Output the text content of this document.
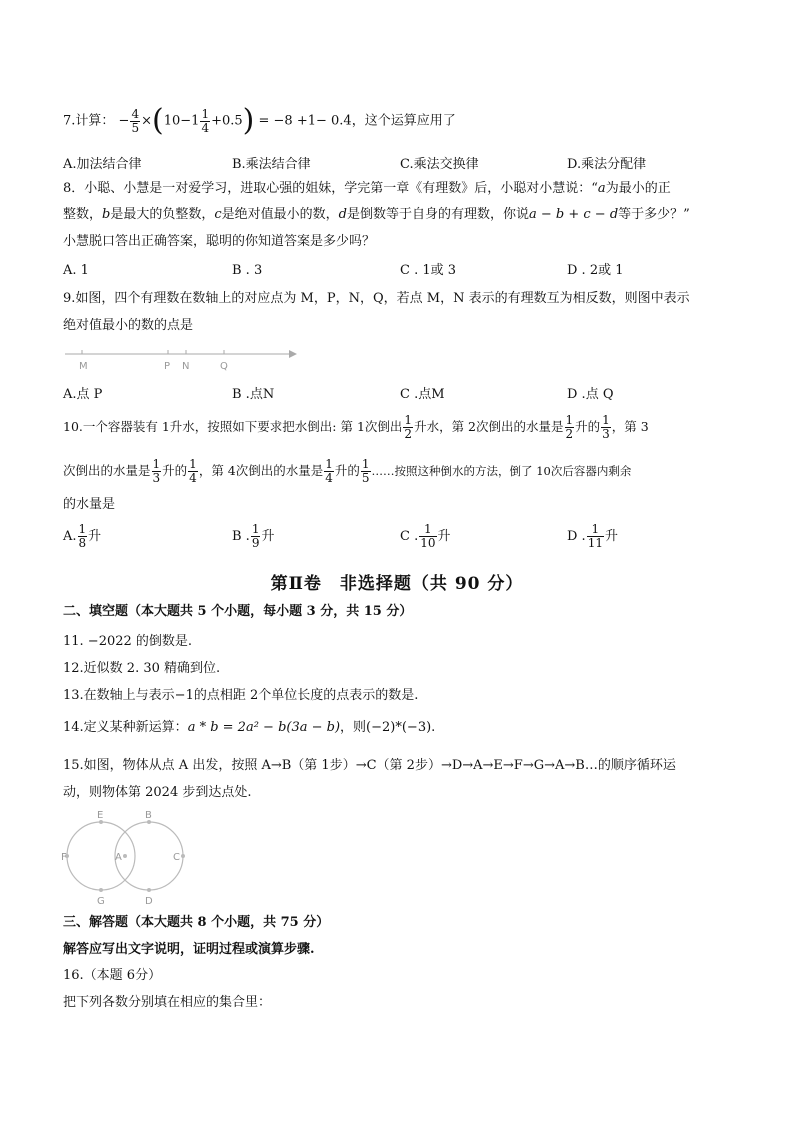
7.计算： − $\frac{4}{5} \times(10-1 \frac{1}{4} +0.5) = -8 +1- 0.4$，这个运算应用了
A.加法结合律	B.乘法结合律	C.乘法交换律	D.乘法分配律
8．小聪、小慧是一对爱学习，进取心强的姐妹，学完第一章《有理数》后，小聪对小慧说：“a为最小的正
整数，b是最大的负整数，c是绝对值最小的数，d是倒数等于自身的有理数，你说a − b + c − d等于多少？”
小慧脱口答出正确答案，聪明的你知道答案是多少吗？
A. 1	B . 3	C . 1或 3	D . 2或 1
9.如图，四个有理数在数轴上的对应点为 M，P，N，Q，若点 M，N 表示的有理数互为相反数，则图中表示
绝对值最小的数的点是
M	P N	Q
A.点 P	B .点N	C .点M	D .点 Q
10.一个容器装有 1升水，按照如下要求把水倒出: 第 1次倒出 $\frac{1}{2}$ 升水，第 2次倒出的水量是 $\frac{1}{2}$ 升的 $\frac{1}{3}$ ，第 3
次倒出的水量是 $\frac{1}{3}$ 升的 $\frac{1}{4}$ ，第 4次倒出的水量是 $\frac{1}{4}$ 升的 $\frac{1}{5}$ ……按照这种倒水的方法，倒了 10次后容器内剩余
的水量是
A. $\frac{1}{8}$ 升	B . $\frac{1}{9}$ 升	C . $\frac{1}{10}$ 升	D . $\frac{1}{11}$ 升
第Ⅱ卷　非选择题（共 90 分）
二、填空题（本大题共 5 个小题，每小题 3 分，共 15 分）
11. −2022 的倒数是.
12.近似数 2. 30 精确到位.
13.在数轴上与表示−1的点相距 2个单位长度的点表示的数是.
14.定义某种新运算：a * b = 2a² − b(3a − b)，则(−2)*(−3).
15.如图，物体从点 A 出发，按照 A→B（第 1步）→C（第 2步）→D→A→E→F→G→A→B…的顺序循环运
动，则物体第 2024 步到达点处.
E	B
F	A	C
G	D
三、解答题（本大题共 8 个小题，共 75 分）
解答应写出文字说明，证明过程或演算步骤.
16.（本题 6分）
把下列各数分别填在相应的集合里：
